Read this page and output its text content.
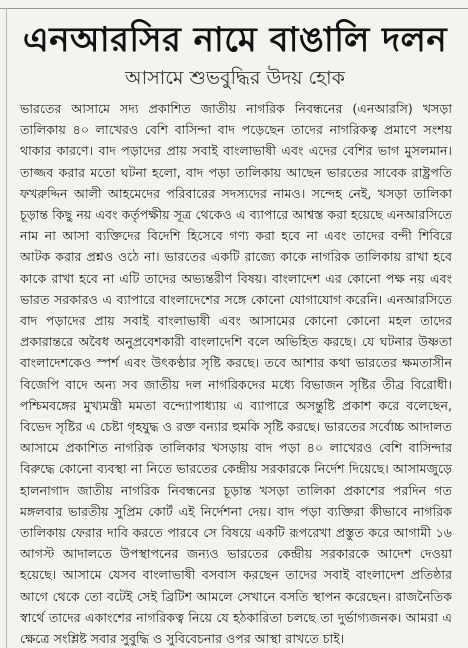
এনআরসির নামে বাঙালি দলন
আসামে শুভবুদ্ধির উদয় হোক

ভারতের আসামে সদ্য প্রকাশিত জাতীয় নাগরিক নিবন্ধনের (এনআরসি) খসড়া তালিকায় ৪০ লাখেরও বেশি বাসিন্দা বাদ পড়েছেন তাদের নাগরিকত্ব প্রমাণে সংশয় থাকার কারণে। বাদ পড়াদের প্রায় সবাই বাংলাভাষী এবং এদের বেশির ভাগ মুসলমান। তাজ্জব করার মতো ঘটনা হলো, বাদ পড়া তালিকায় আছেন ভারতের সাবেক রাষ্ট্রপতি ফখরুদ্দিন আলী আহমেদের পরিবারের সদস্যদের নামও। সন্দেহ নেই, খসড়া তালিকা চূড়ান্ত কিছু নয় এবং কর্তৃপক্ষীয় সূত্র থেকেও এ ব্যাপারে আশ্বস্ত করা হয়েছে এনআরসিতে নাম না আসা ব্যক্তিদের বিদেশি হিসেবে গণ্য করা হবে না এবং তাদের বন্দী শিবিরে আটক করার প্রশ্নও ওঠে না। ভারতের একটি রাজ্যে কাকে নাগরিক তালিকায় রাখা হবে কাকে রাখা হবে না এটি তাদের অভ্যন্তরীণ বিষয়। বাংলাদেশ এর কোনো পক্ষ নয় এবং ভারত সরকারও এ ব্যাপারে বাংলাদেশের সঙ্গে কোনো যোগাযোগ করেনি। এনআরসিতে বাদ পড়াদের প্রায় সবাই বাংলাভাষী এবং আসামের কোনো কোনো মহল তাদের প্রকারান্তরে অবৈধ অনুপ্রবেশকারী বাংলাদেশি বলে অভিহিত করছে। যে ঘটনার উষ্ণতা বাংলাদেশকেও স্পর্শ এবং উৎকণ্ঠার সৃষ্টি করছে। তবে আশার কথা ভারতের ক্ষমতাসীন বিজেপি বাদে অন্য সব জাতীয় দল নাগরিকদের মধ্যে বিভাজন সৃষ্টির তীব্র বিরোধী। পশ্চিমবঙ্গের মুখ্যমন্ত্রী মমতা বন্দ্যোপাধ্যায় এ ব্যাপারে অসন্তুষ্টি প্রকাশ করে বলেছেন, বিভেদ সৃষ্টির এ চেষ্টা গৃহযুদ্ধ ও রক্ত বন্যার হুমকি সৃষ্টি করছে। ভারতের সর্বোচ্চ আদালত আসামে প্রকাশিত নাগরিক তালিকার খসড়ায় বাদ পড়া ৪০ লাখেরও বেশি বাসিন্দার বিরুদ্ধে কোনো ব্যবস্থা না নিতে ভারতের কেন্দ্রীয় সরকারকে নির্দেশ দিয়েছে। আসামজুড়ে হালনাগাদ জাতীয় নাগরিক নিবন্ধনের চূড়ান্ত খসড়া তালিকা প্রকাশের পরদিন গত মঙ্গলবার ভারতীয় সুপ্রিম কোর্ট এই নির্দেশনা দেয়। বাদ পড়া ব্যক্তিরা কীভাবে নাগরিক তালিকায় ফেরার দাবি করতে পারবে সে বিষয়ে একটি রূপরেখা প্রস্তুত করে আগামী ১৬ আগস্ট আদালতে উপস্থাপনের জন্যও ভারতের কেন্দ্রীয় সরকারকে আদেশ দেওয়া হয়েছে। আসামে যেসব বাংলাভাষী বসবাস করছেন তাদের সবাই বাংলাদেশ প্রতিষ্ঠার আগে থেকে তো বটেই সেই ব্রিটিশ আমলে সেখানে বসতি স্থাপন করেছেন। রাজনৈতিক স্বার্থে তাদের একাংশের নাগরিকত্ব নিয়ে যে হঠকারিতা চলছে তা দুর্ভাগ্যজনক। আমরা এ ক্ষেত্রে সংশ্লিষ্ট সবার সুবুদ্ধি ও সুবিবেচনার ওপর আস্থা রাখতে চাই।
